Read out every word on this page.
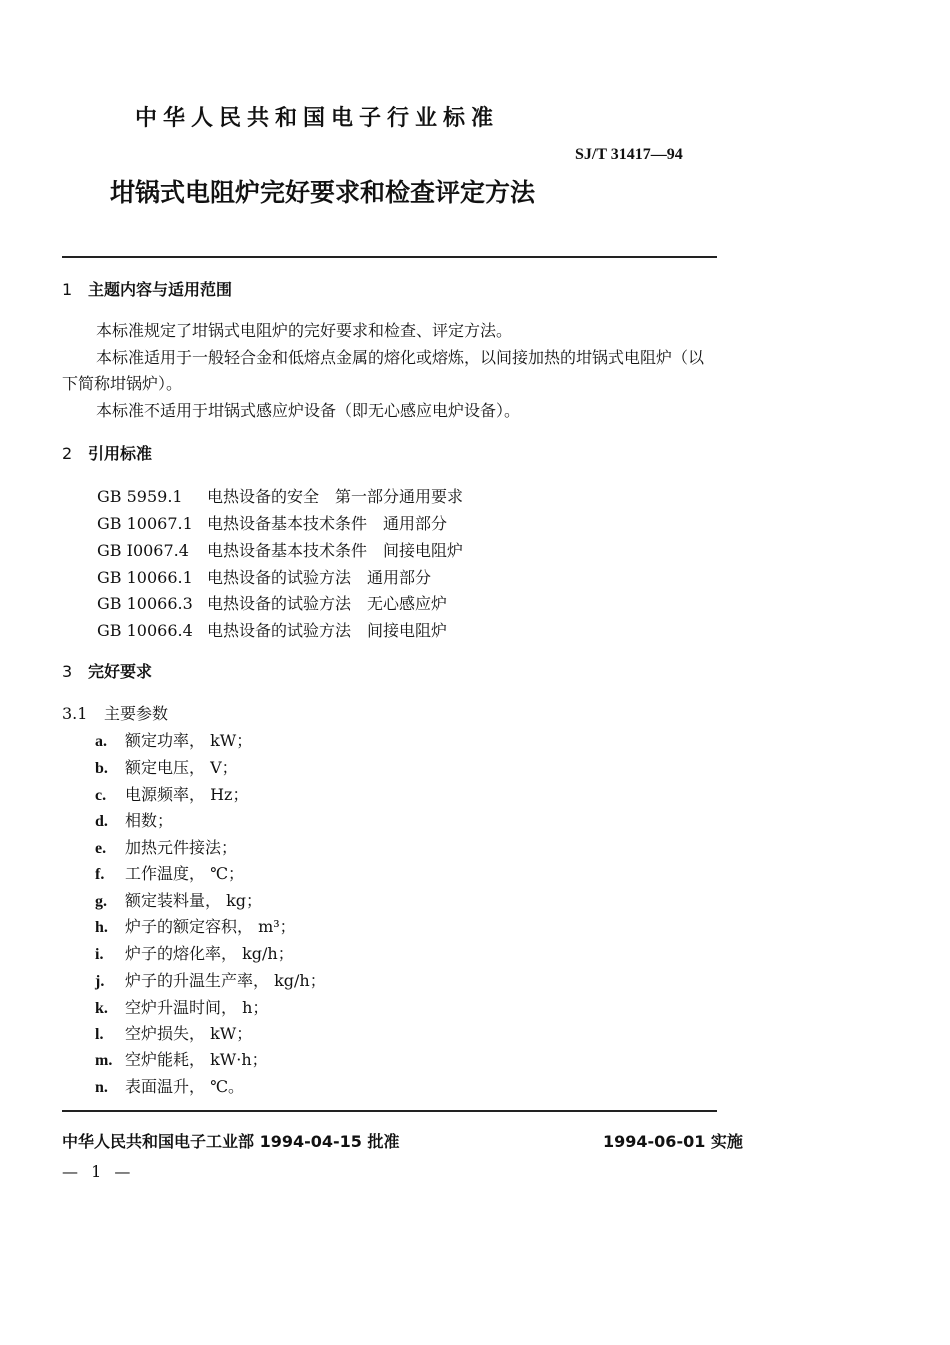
中华人民共和国电子行业标准
SJ/T 31417—94
坩锅式电阻炉完好要求和检查评定方法
1 主题内容与适用范围
本标准规定了坩锅式电阻炉的完好要求和检查、评定方法。
本标准适用于一般轻合金和低熔点金属的熔化或熔炼，以间接加热的坩锅式电阻炉（以下简称坩锅炉）。
本标准不适用于坩锅式感应炉设备（即无心感应电炉设备）。
2 引用标准
GB 5959.1 电热设备的安全　第一部分通用要求
GB 10067.1 电热设备基本技术条件　通用部分
GB I0067.4 电热设备基本技术条件　间接电阻炉
GB 10066.1 电热设备的试验方法　通用部分
GB 10066.3 电热设备的试验方法　无心感应炉
GB 10066.4 电热设备的试验方法　间接电阻炉
3 完好要求
3.1 主要参数
a. 额定功率， kW；
b. 额定电压， V；
c. 电源频率， Hz；
d. 相数；
e. 加热元件接法；
f. 工作温度， ℃；
g. 额定装料量， kg；
h. 炉子的额定容积， m³；
i. 炉子的熔化率， kg/h；
j. 炉子的升温生产率， kg/h；
k. 空炉升温时间， h；
l. 空炉损失， kW；
m. 空炉能耗， kW·h；
n. 表面温升， ℃。
中华人民共和国电子工业部 1994-04-15 批准	1994-06-01 实施
— 1 —
